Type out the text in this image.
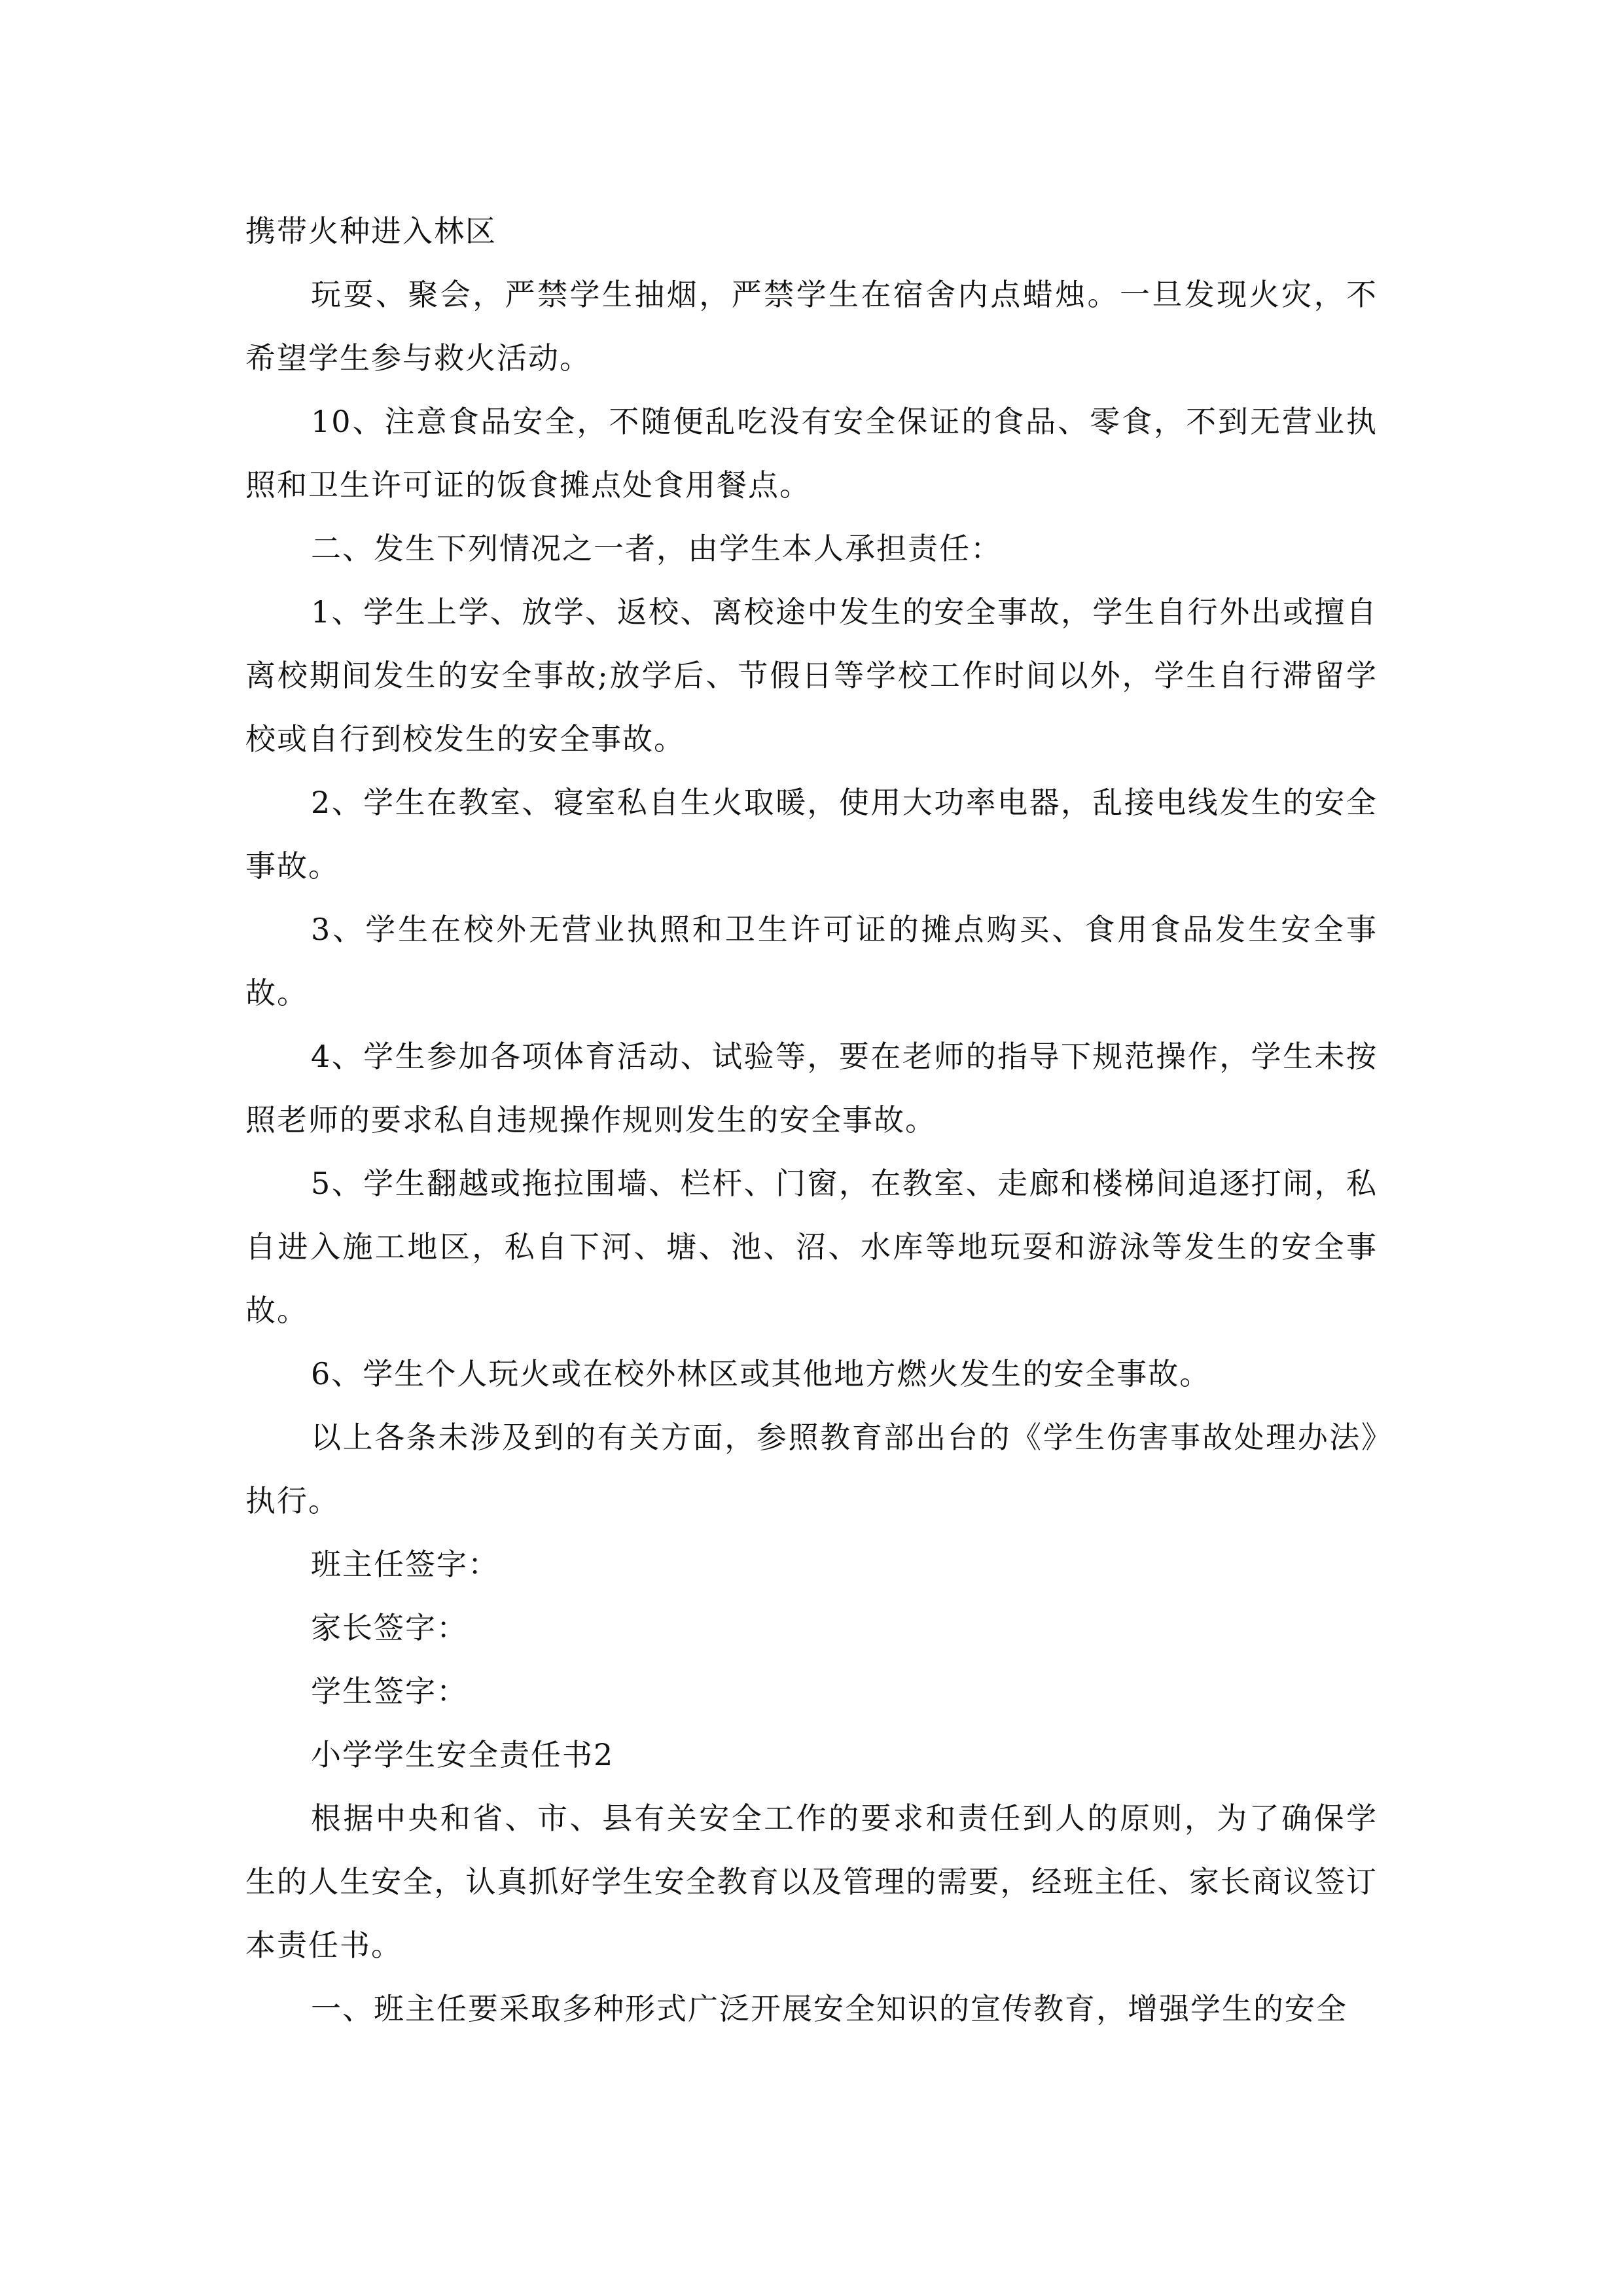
携带火种进入林区

玩耍、聚会，严禁学生抽烟，严禁学生在宿舍内点蜡烛。一旦发现火灾，不希望学生参与救火活动。

10、注意食品安全，不随便乱吃没有安全保证的食品、零食，不到无营业执照和卫生许可证的饭食摊点处食用餐点。

二、发生下列情况之一者，由学生本人承担责任：

1、学生上学、放学、返校、离校途中发生的安全事故，学生自行外出或擅自离校期间发生的安全事故;放学后、节假日等学校工作时间以外，学生自行滞留学校或自行到校发生的安全事故。

2、学生在教室、寝室私自生火取暖，使用大功率电器，乱接电线发生的安全事故。

3、学生在校外无营业执照和卫生许可证的摊点购买、食用食品发生安全事故。

4、学生参加各项体育活动、试验等，要在老师的指导下规范操作，学生未按照老师的要求私自违规操作规则发生的安全事故。

5、学生翻越或拖拉围墙、栏杆、门窗，在教室、走廊和楼梯间追逐打闹，私自进入施工地区，私自下河、塘、池、沼、水库等地玩耍和游泳等发生的安全事故。

6、学生个人玩火或在校外林区或其他地方燃火发生的安全事故。

以上各条未涉及到的有关方面，参照教育部出台的《学生伤害事故处理办法》执行。

班主任签字：

家长签字：

学生签字：

小学学生安全责任书2

根据中央和省、市、县有关安全工作的要求和责任到人的原则，为了确保学生的人生安全，认真抓好学生安全教育以及管理的需要，经班主任、家长商议签订本责任书。

一、班主任要采取多种形式广泛开展安全知识的宣传教育，增强学生的安全
